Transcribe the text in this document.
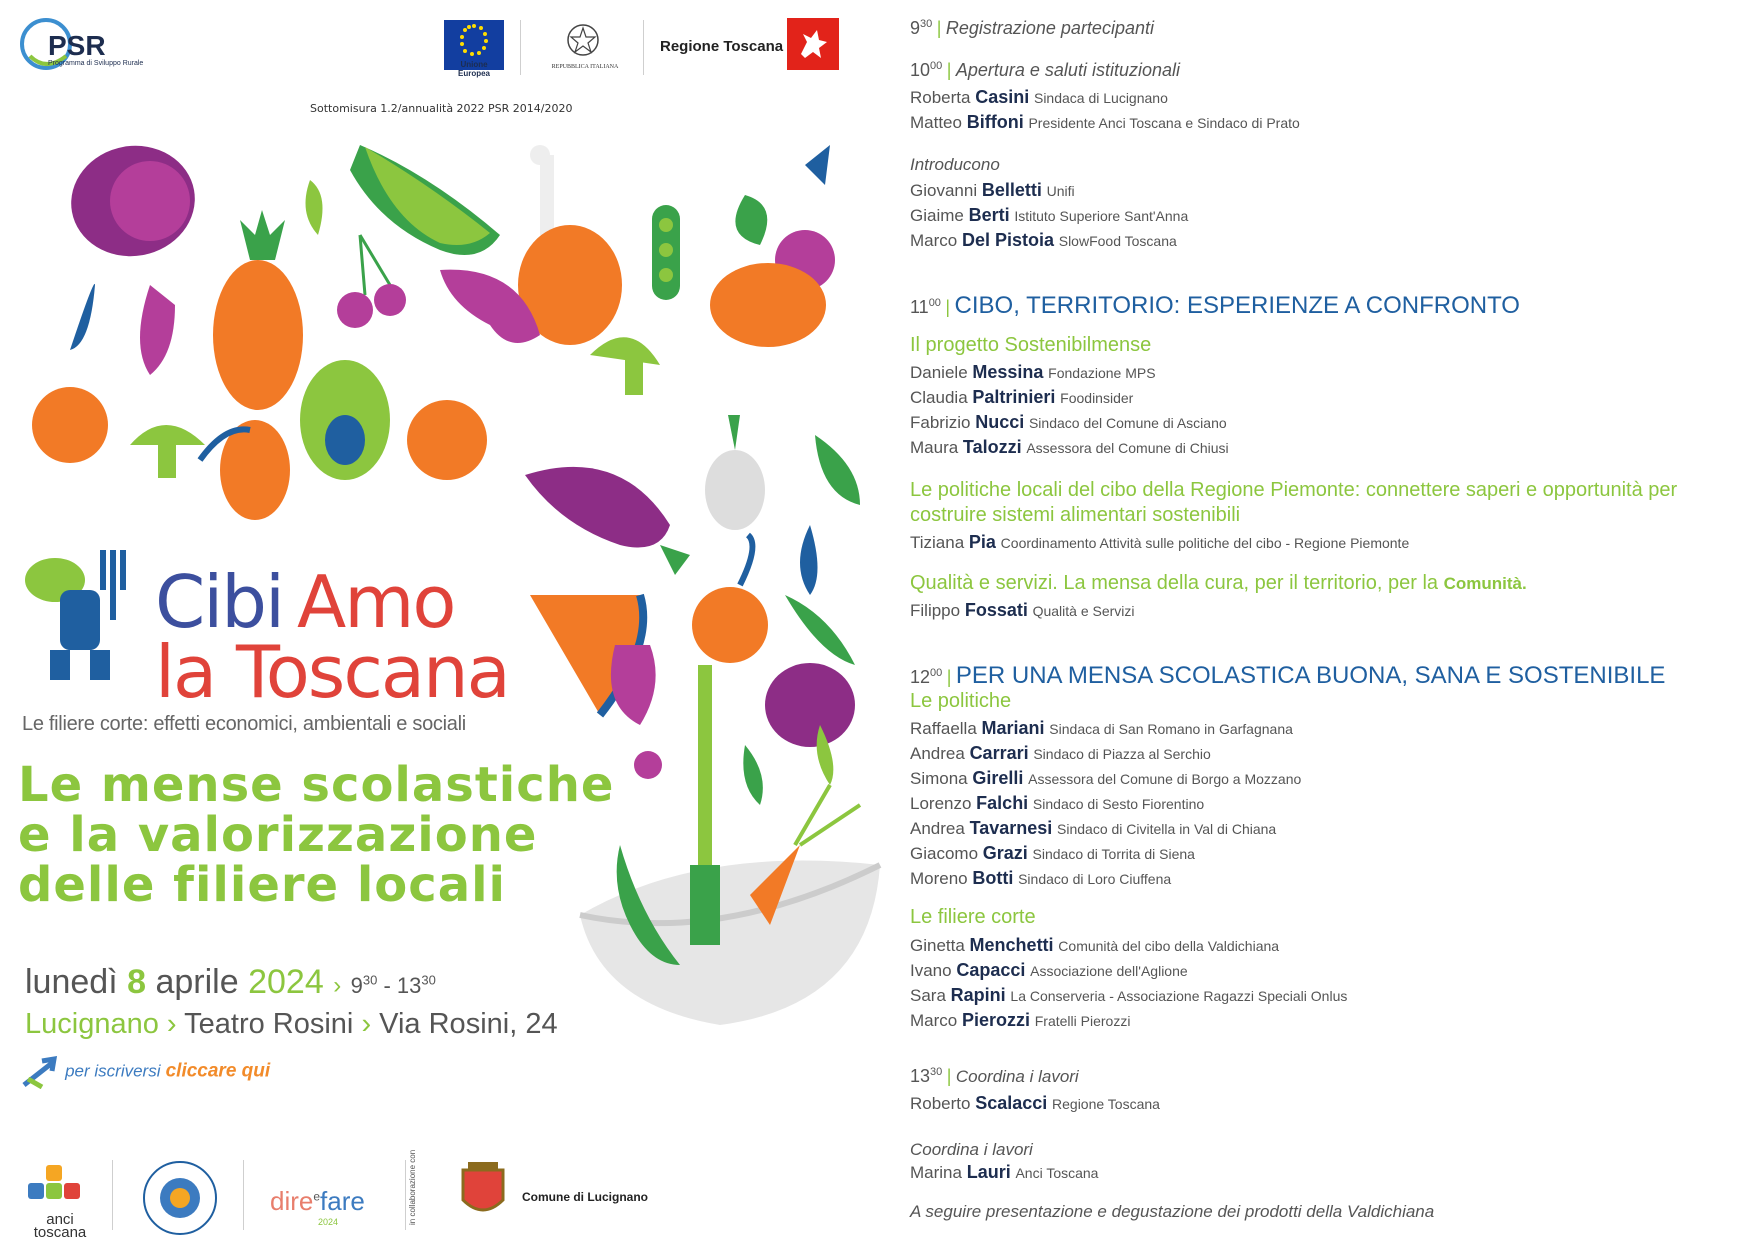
PSR
Programma di Sviluppo Rurale	Unione Europea
REPUBBLICA ITALIANA
Regione Toscana
Sottomisura 1.2/annualità 2022 PSR 2014/2020
Cibi Amo
la Toscana
Le filiere corte: effetti economici, ambientali e sociali
Le mense scolastiche
e la valorizzazione
delle filiere locali
lunedì 8 aprile 2024 › $9^{30} - 13^{30}$
Lucignano › Teatro Rosini › Via Rosini, 24
per iscriversi cliccare qui
anci toscana
dire$^e$fare
2024	in collaborazione con	Comune di Lucignano
$9^{30}$ | Registrazione partecipanti
$10^{00}$ | Apertura e saluti istituzionali
Roberta Casini Sindaca di Lucignano
Matteo Biffoni Presidente Anci Toscana e Sindaco di Prato
Introducono
Giovanni Belletti Unifi
Giaime Berti Istituto Superiore Sant'Anna
Marco Del Pistoia SlowFood Toscana
$11^{00}$ | CIBO, TERRITORIO: ESPERIENZE A CONFRONTO
Il progetto Sostenibilmense
Daniele Messina Fondazione MPS
Claudia Paltrinieri Foodinsider
Fabrizio Nucci Sindaco del Comune di Asciano
Maura Talozzi Assessora del Comune di Chiusi
Le politiche locali del cibo della Regione Piemonte: connettere saperi e opportunità per costruire sistemi alimentari sostenibili
Tiziana Pia Coordinamento Attività sulle politiche del cibo - Regione Piemonte
Qualità e servizi. La mensa della cura, per il territorio, per la Comunità.
Filippo Fossati Qualità e Servizi
$12^{00}$ | PER UNA MENSA SCOLASTICA BUONA, SANA E SOSTENIBILE
Le politiche
Raffaella Mariani Sindaca di San Romano in Garfagnana
Andrea Carrari Sindaco di Piazza al Serchio
Simona Girelli Assessora del Comune di Borgo a Mozzano
Lorenzo Falchi Sindaco di Sesto Fiorentino
Andrea Tavarnesi Sindaco di Civitella in Val di Chiana
Giacomo Grazi Sindaco di Torrita di Siena
Moreno Botti Sindaco di Loro Ciuffena
Le filiere corte
Ginetta Menchetti Comunità del cibo della Valdichiana
Ivano Capacci Associazione dell'Aglione
Sara Rapini La Conserveria - Associazione Ragazzi Speciali Onlus
Marco Pierozzi Fratelli Pierozzi
$13^{30}$ | Coordina i lavori
Roberto Scalacci Regione Toscana
Coordina i lavori
Marina Lauri Anci Toscana
A seguire presentazione e degustazione dei prodotti della Valdichiana
